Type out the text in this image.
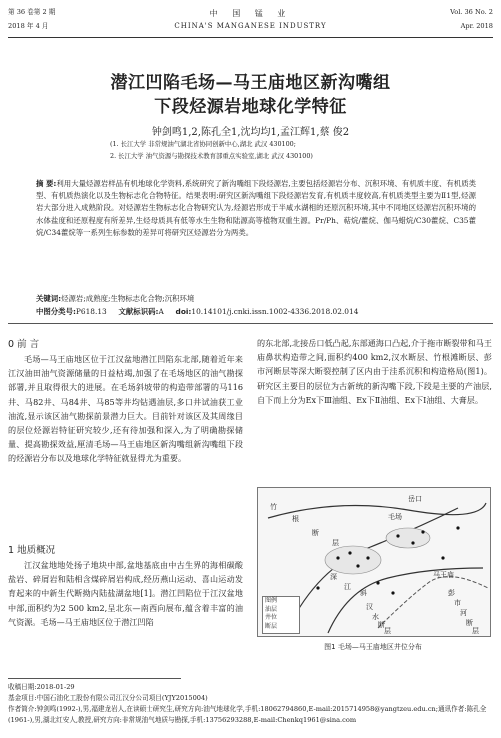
第 36 卷第 2 期
2018 年 4 月
中 国 锰 业
CHINA'S MANGANESE INDUSTRY
Vol. 36 No. 2
Apr. 2018
潜江凹陷毛场—马王庙地区新沟嘴组
下段烃源岩地球化学特征
钟剑鸣1,2,陈孔全1,沈均均1,孟江辉1,蔡 俊2
(1. 长江大学 非常规油气湖北省协同创新中心,湖北 武汉 430100;
2. 长江大学 油气资源与勘探技术教育部重点实验室,湖北 武汉 430100)
摘 要:利用大量烃源岩样品有机地球化学资料,系统研究了新沟嘴组下段烃源岩,主要包括烃源岩分布、沉积环境、有机质丰度、有机质类型、有机质热演化以及生物标志化合物特征。结果表明:研究区新沟嘴组下段烃源岩发育,有机质丰度较高,有机质类型主要为Ⅱ1型,烃源岩大部分进入成熟阶段。对烃源岩生物标志化合物研究认为,烃源岩形成于半咸水湖相的还原沉积环境,其中不同地区烃源岩沉积环境的水体盐度和还原程度有所差异,生烃母质具有低等水生生物和陆源高等植物双重生源。Pr/Ph、萜烷/藿烷、伽马蜡烷/C30藿烷、C35藿烷/C34藿烷等一系列生标参数的差异可将研究区烃源岩分为两类。
关键词:烃源岩;成熟度;生物标志化合物;沉积环境
中图分类号:P618.13 文献标识码:A doi:10.14101/j.cnki.issn.1002-4336.2018.02.014
0 前 言
毛场—马王庙地区位于江汉盆地潜江凹陷东北部,随着近年来江汉油田油气资源储量的日益枯竭,加强了在毛场地区的油气勘探部署,并且取得很大的进展。在毛场斜坡带的构造带部署的马116井、马82井、马84井、马85等井均钻遇油层,多口井试油获工业油流,显示该区油气勘探前景潜力巨大。目前针对该区及其周缘目的层位烃源岩特征研究较少,还有待加强和深入,为了明确勘探储量、提高勘探效益,厘清毛场—马王庙地区新沟嘴组新沟嘴组下段的烃源岩分布以及地球化学特征就显得尤为重要。
1 地质概况
江汉盆地地处扬子地块中部,盆地基底由中古生界的海相碳酸盐岩、碎屑岩和陆相含煤碎屑岩构成,经历燕山运动、喜山运动发育起来的中新生代断拗内陆盐湖盆地[1]。潜江凹陷位于江汉盆地中部,面积约为2 500 km2,呈北东—南西向展布,蕴含着丰富的油气资源。毛场—马王庙地区位于潜江凹陷
的东北部,北接岳口低凸起,东部通海口凸起,介于拖市断裂带和马王庙鼻状构造带之间,面积约400 km2,汉水断层、竹根滩断层、彭市河断层等深大断裂控制了区内由于洼系沉积和构造格局(图1)。研究区主要目的层位为古新统的新沟嘴下段,下段是主要的产油层,自下而上分为Ex下Ⅲ油组、Ex下Ⅱ油组、Ex下Ⅰ油组、大膏层。
竹
岳口
根	毛场
断
层
深
江
斜
马王庙
彭
市
河
断
层
汉
水
断
层
图例
油层
井位
断层
图1 毛场—马王庙地区井位分布
收稿日期:2018-01-29
基金项目:中国石油化工股份有限公司江汉分公司项目(YJY2015004)
作者简介:钟剑鸣(1992-),男,福建龙岩人,在读硕士研究生,研究方向:油气地球化学,手机:18062794860,E-mail:2015714958@yangtzeu.edu.cn;通讯作者:陈孔全(1961-),男,湖北红安人,教授,研究方向:非常规油气地质与勘探,手机:13756293288,E-mail:Chenkq1961@sina.com
